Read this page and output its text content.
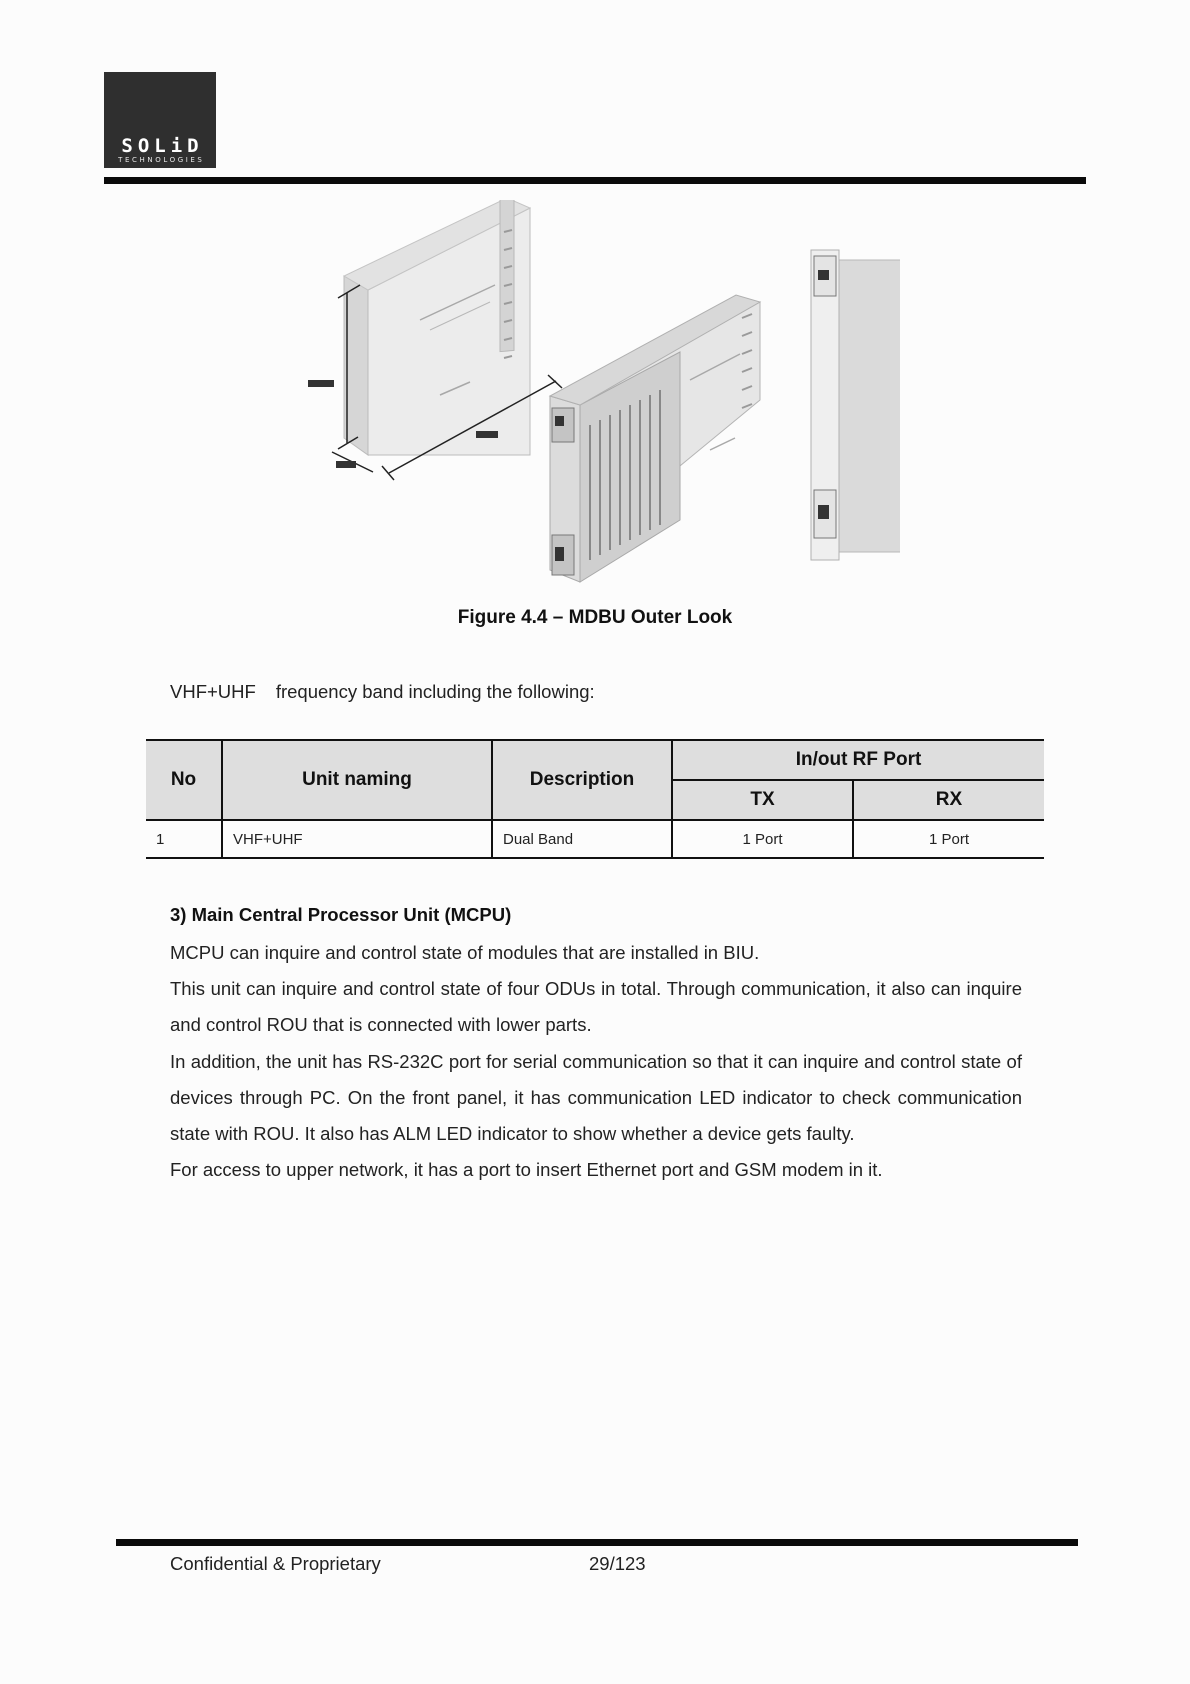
SOLiD
TECHNOLOGIES
Figure 4.4 – MDBU Outer Look
VHF+UHF frequency band including the following:
No	Unit naming	Description	In/out RF Port	
			TX	RX
1	VHF+UHF	Dual Band	1 Port	1 Port
3) Main Central Processor Unit (MCPU)

MCPU can inquire and control state of modules that are installed in BIU.

This unit can inquire and control state of four ODUs in total. Through communication, it also can inquire and control ROU that is connected with lower parts.

In addition, the unit has RS-232C port for serial communication so that it can inquire and control state of devices through PC. On the front panel, it has communication LED indicator to check communication state with ROU. It also has ALM LED indicator to show whether a device gets faulty.

For access to upper network, it has a port to insert Ethernet port and GSM modem in it.

Confidential & Proprietary	29/123
